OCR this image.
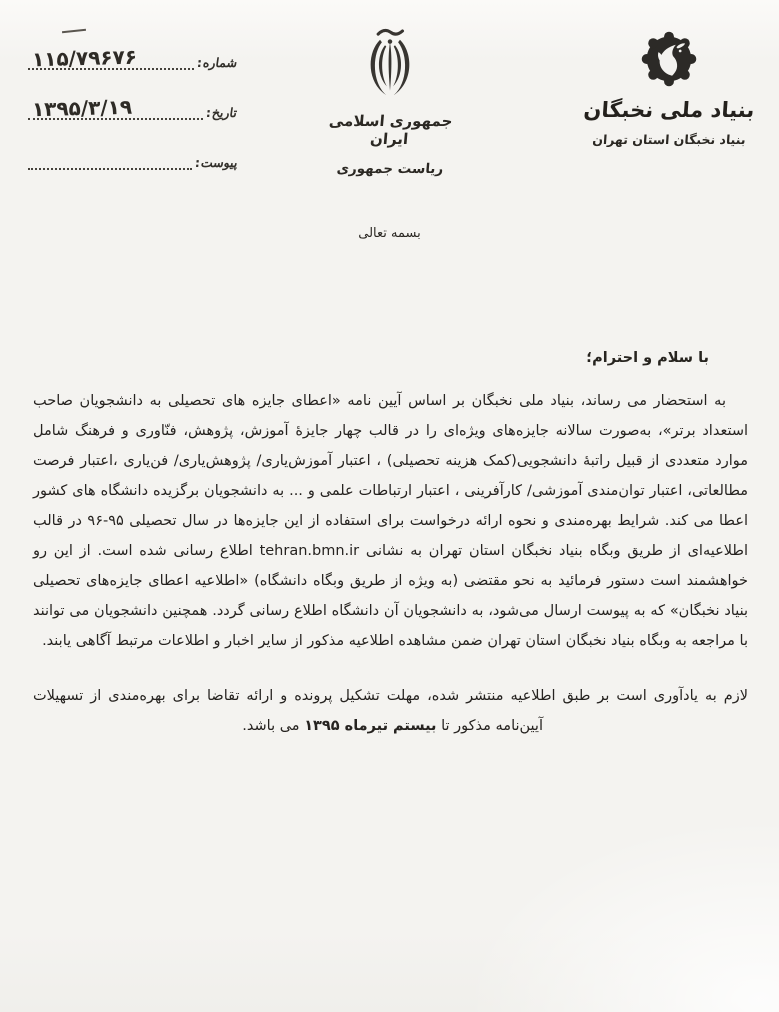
شماره:
۱۱۵/۷۹۶۷۶
تاریخ:
۱۳۹۵/۳/۱۹
پیوست:
جمهوری اسلامی ایران
ریاست جمهوری
بنیاد ملی نخبگان
بنیاد نخبگان استان تهران
بسمه تعالی
با سلام و احترام؛

به استحضار می رساند، بنیاد ملی نخبگان بر اساس آیین نامه «اعطای جایزه های تحصیلی به دانشجویان صاحب استعداد برتر»، به‌صورت سالانه جایزه‌های ویژه‌ای را در قالب چهار جایزۀ آموزش، پژوهش، فنّاوری و فرهنگ شامل موارد متعددی از قبیل راتبۀ دانشجویی(کمک هزینه تحصیلی) ، اعتبار آموزش‌یاری/ پژوهش‌یاری/ فن‌یاری ،اعتبار فرصت مطالعاتی، اعتبار توان‌مندی آموزشی/ کارآفرینی ، اعتبار ارتباطات علمی و ... به دانشجویان برگزیده دانشگاه های کشور اعطا می کند. شرایط بهره‌مندی و نحوه ارائه درخواست برای استفاده از این جایزه‌ها در سال تحصیلی ۹۵-۹۶ در قالب اطلاعیه‌ای از طریق وبگاه بنیاد نخبگان استان تهران به نشانی tehran.bmn.ir اطلاع رسانی شده است. از این رو خواهشمند است دستور فرمائید به نحو مقتضی (به ویژه از طریق وبگاه دانشگاه) «اطلاعیه اعطای جایزه‌های تحصیلی بنیاد نخبگان» که به پیوست ارسال می‌شود، به دانشجویان آن دانشگاه اطلاع رسانی گردد. همچنین دانشجویان می توانند با مراجعه به وبگاه بنیاد نخبگان استان تهران ضمن مشاهده اطلاعیه مذکور از سایر اخبار و اطلاعات مرتبط آگاهی یابند.

لازم به یادآوری است بر طبق اطلاعیه منتشر شده، مهلت تشکیل پرونده و ارائه تقاضا برای بهره‌مندی از تسهیلات
آیین‌نامه مذکور تا بیستم تیرماه ۱۳۹۵ می باشد.
